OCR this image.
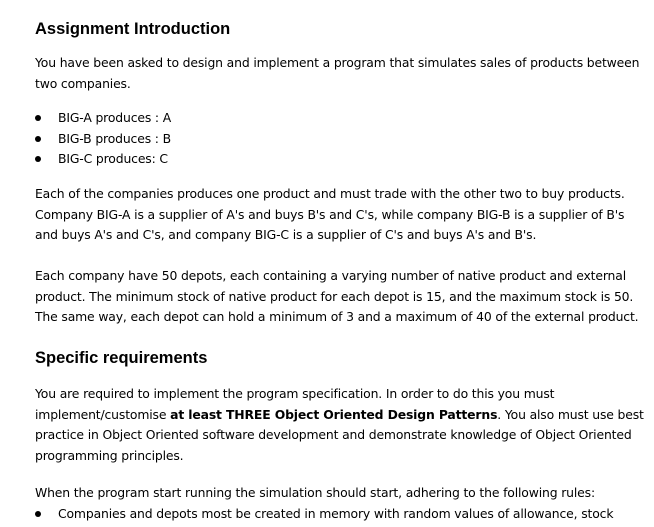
Assignment Introduction

You have been asked to design and implement a program that simulates sales of products between
two companies.

BIG-A produces : A
BIG-B produces : B
BIG-C produces: C

Each of the companies produces one product and must trade with the other two to buy products.
Company BIG-A is a supplier of A's and buys B's and C's, while company BIG-B is a supplier of B's
and buys A's and C's, and company BIG-C is a supplier of C's and buys A's and B's.

Each company have 50 depots, each containing a varying number of native product and external
product. The minimum stock of native product for each depot is 15, and the maximum stock is 50.
The same way, each depot can hold a minimum of 3 and a maximum of 40 of the external product.

Specific requirements

You are required to implement the program specification. In order to do this you must
implement/customise at least THREE Object Oriented Design Patterns. You also must use best
practice in Object Oriented software development and demonstrate knowledge of Object Oriented
programming principles.

When the program start running the simulation should start, adhering to the following rules:

Companies and depots most be created in memory with random values of allowance, stock
